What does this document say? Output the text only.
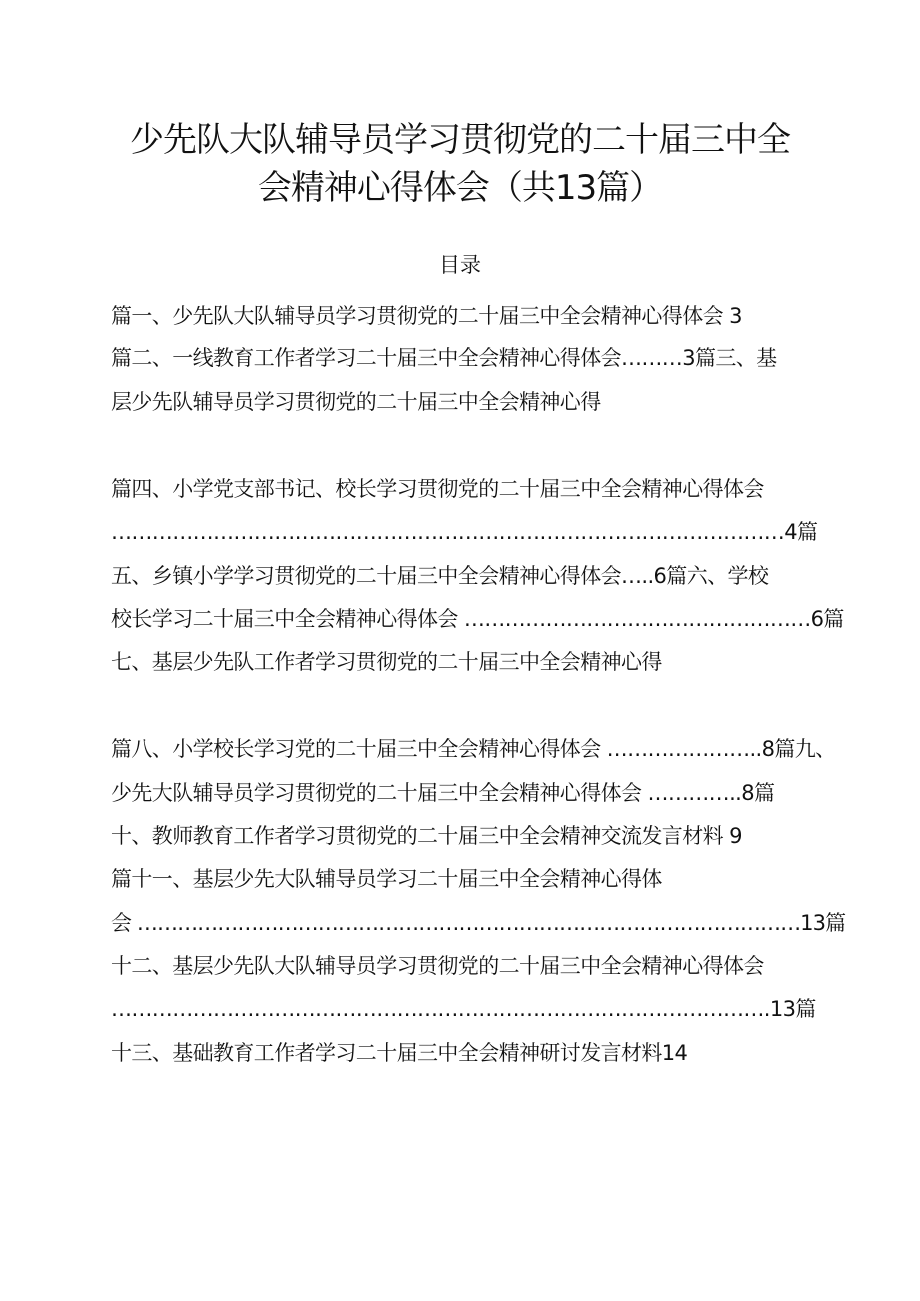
少先队大队辅导员学习贯彻党的二十届三中全
会精神心得体会（共13篇）
目录
篇一、少先队大队辅导员学习贯彻党的二十届三中全会精神心得体会 3
篇二、一线教育工作者学习二十届三中全会精神心得体会………3篇三、基
层少先队辅导员学习贯彻党的二十届三中全会精神心得
篇四、小学党支部书记、校长学习贯彻党的二十届三中全会精神心得体会
………………………………………………………………………………………4篇
五、乡镇小学学习贯彻党的二十届三中全会精神心得体会…..6篇六、学校
校长学习二十届三中全会精神心得体会 ……………………………………………6篇
七、基层少先队工作者学习贯彻党的二十届三中全会精神心得
篇八、小学校长学习党的二十届三中全会精神心得体会 …………………..8篇九、
少先大队辅导员学习贯彻党的二十届三中全会精神心得体会 …………..8篇
十、教师教育工作者学习贯彻党的二十届三中全会精神交流发言材料 9
篇十一、基层少先大队辅导员学习二十届三中全会精神心得体
会 ………………………………………………………………………………………13篇
十二、基层少先队大队辅导员学习贯彻党的二十届三中全会精神心得体会
…………………………………………………………………………………….13篇
十三、基础教育工作者学习二十届三中全会精神研讨发言材料14
